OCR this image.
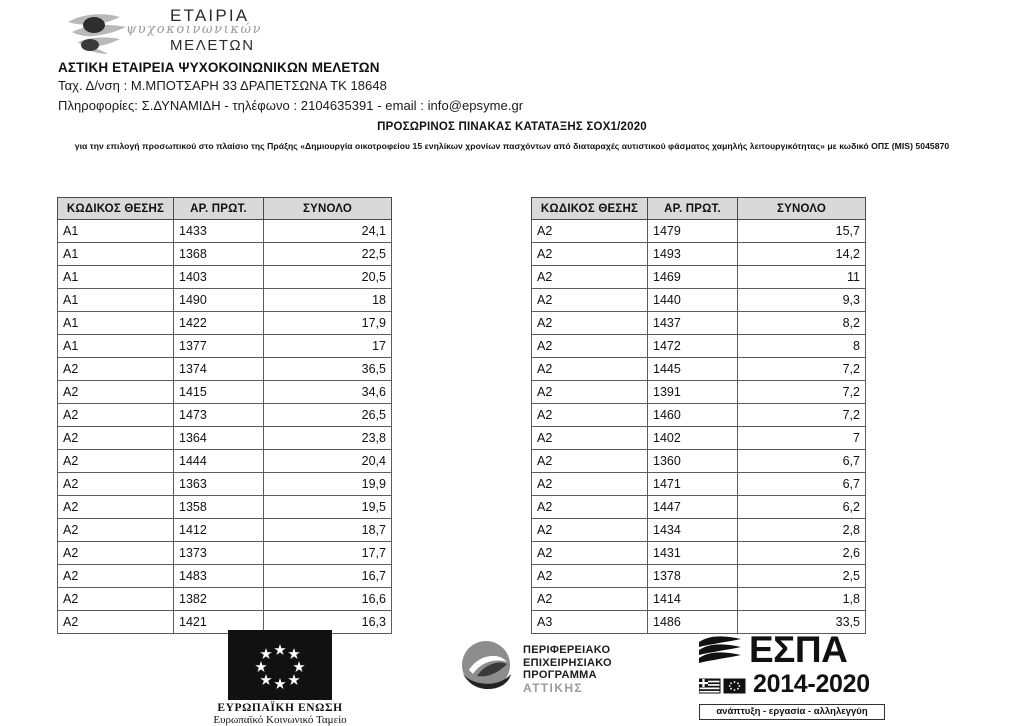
ΕΤΑΙΡΙΑ
ψυχοκοινωνικών
ΜΕΛΕΤΩΝ
ΑΣΤΙΚΗ ΕΤΑΙΡΕΙΑ ΨΥΧΟΚΟΙΝΩΝΙΚΩΝ ΜΕΛΕΤΩΝ
Ταχ. Δ/νση : Μ.ΜΠΟΤΣΑΡΗ 33 ΔΡΑΠΕΤΣΩΝΑ ΤΚ 18648
Πληροφορίες: Σ.ΔΥΝΑΜΙΔΗ - τηλέφωνο : 2104635391 - email : info@epsyme.gr
ΠΡΟΣΩΡΙΝΟΣ ΠΙΝΑΚΑΣ ΚΑΤΑΤΑΞΗΣ ΣΟΧ1/2020
για την επιλογή προσωπικού στο πλαίσιο της Πράξης «Δημιουργία οικοτροφείου 15 ενηλίκων χρονίων πασχόντων από διαταραχές αυτιστικού φάσματος χαμηλής λειτουργικότητας» με κωδικό ΟΠΣ (MIS) 5045870
ΚΩΔΙΚΟΣ ΘΕΣΗΣ	ΑΡ. ΠΡΩΤ.	ΣΥΝΟΛΟ
Α1	1433	24,1
Α1	1368	22,5
Α1	1403	20,5
Α1	1490	18
Α1	1422	17,9
Α1	1377	17
Α2	1374	36,5
Α2	1415	34,6
Α2	1473	26,5
Α2	1364	23,8
Α2	1444	20,4
Α2	1363	19,9
Α2	1358	19,5
Α2	1412	18,7
Α2	1373	17,7
Α2	1483	16,7
Α2	1382	16,6
Α2	1421	16,3
ΚΩΔΙΚΟΣ ΘΕΣΗΣ	ΑΡ. ΠΡΩΤ.	ΣΥΝΟΛΟ
Α2	1479	15,7
Α2	1493	14,2
Α2	1469	11
Α2	1440	9,3
Α2	1437	8,2
Α2	1472	8
Α2	1445	7,2
Α2	1391	7,2
Α2	1460	7,2
Α2	1402	7
Α2	1360	6,7
Α2	1471	6,7
Α2	1447	6,2
Α2	1434	2,8
Α2	1431	2,6
Α2	1378	2,5
Α2	1414	1,8
Α3	1486	33,5
ΕΥΡΩΠΑΪΚΗ ΕΝΩΣΗ
Ευρωπαϊκό Κοινωνικό Ταμείο
ΠΕΡΙΦΕΡΕΙΑΚΟ
ΕΠΙΧΕΙΡΗΣΙΑΚΟ
ΠΡΟΓΡΑΜΜΑ
ΑΤΤΙΚΗΣ
ΕΣΠΑ
2014-2020
ανάπτυξη - εργασία - αλληλεγγύη
